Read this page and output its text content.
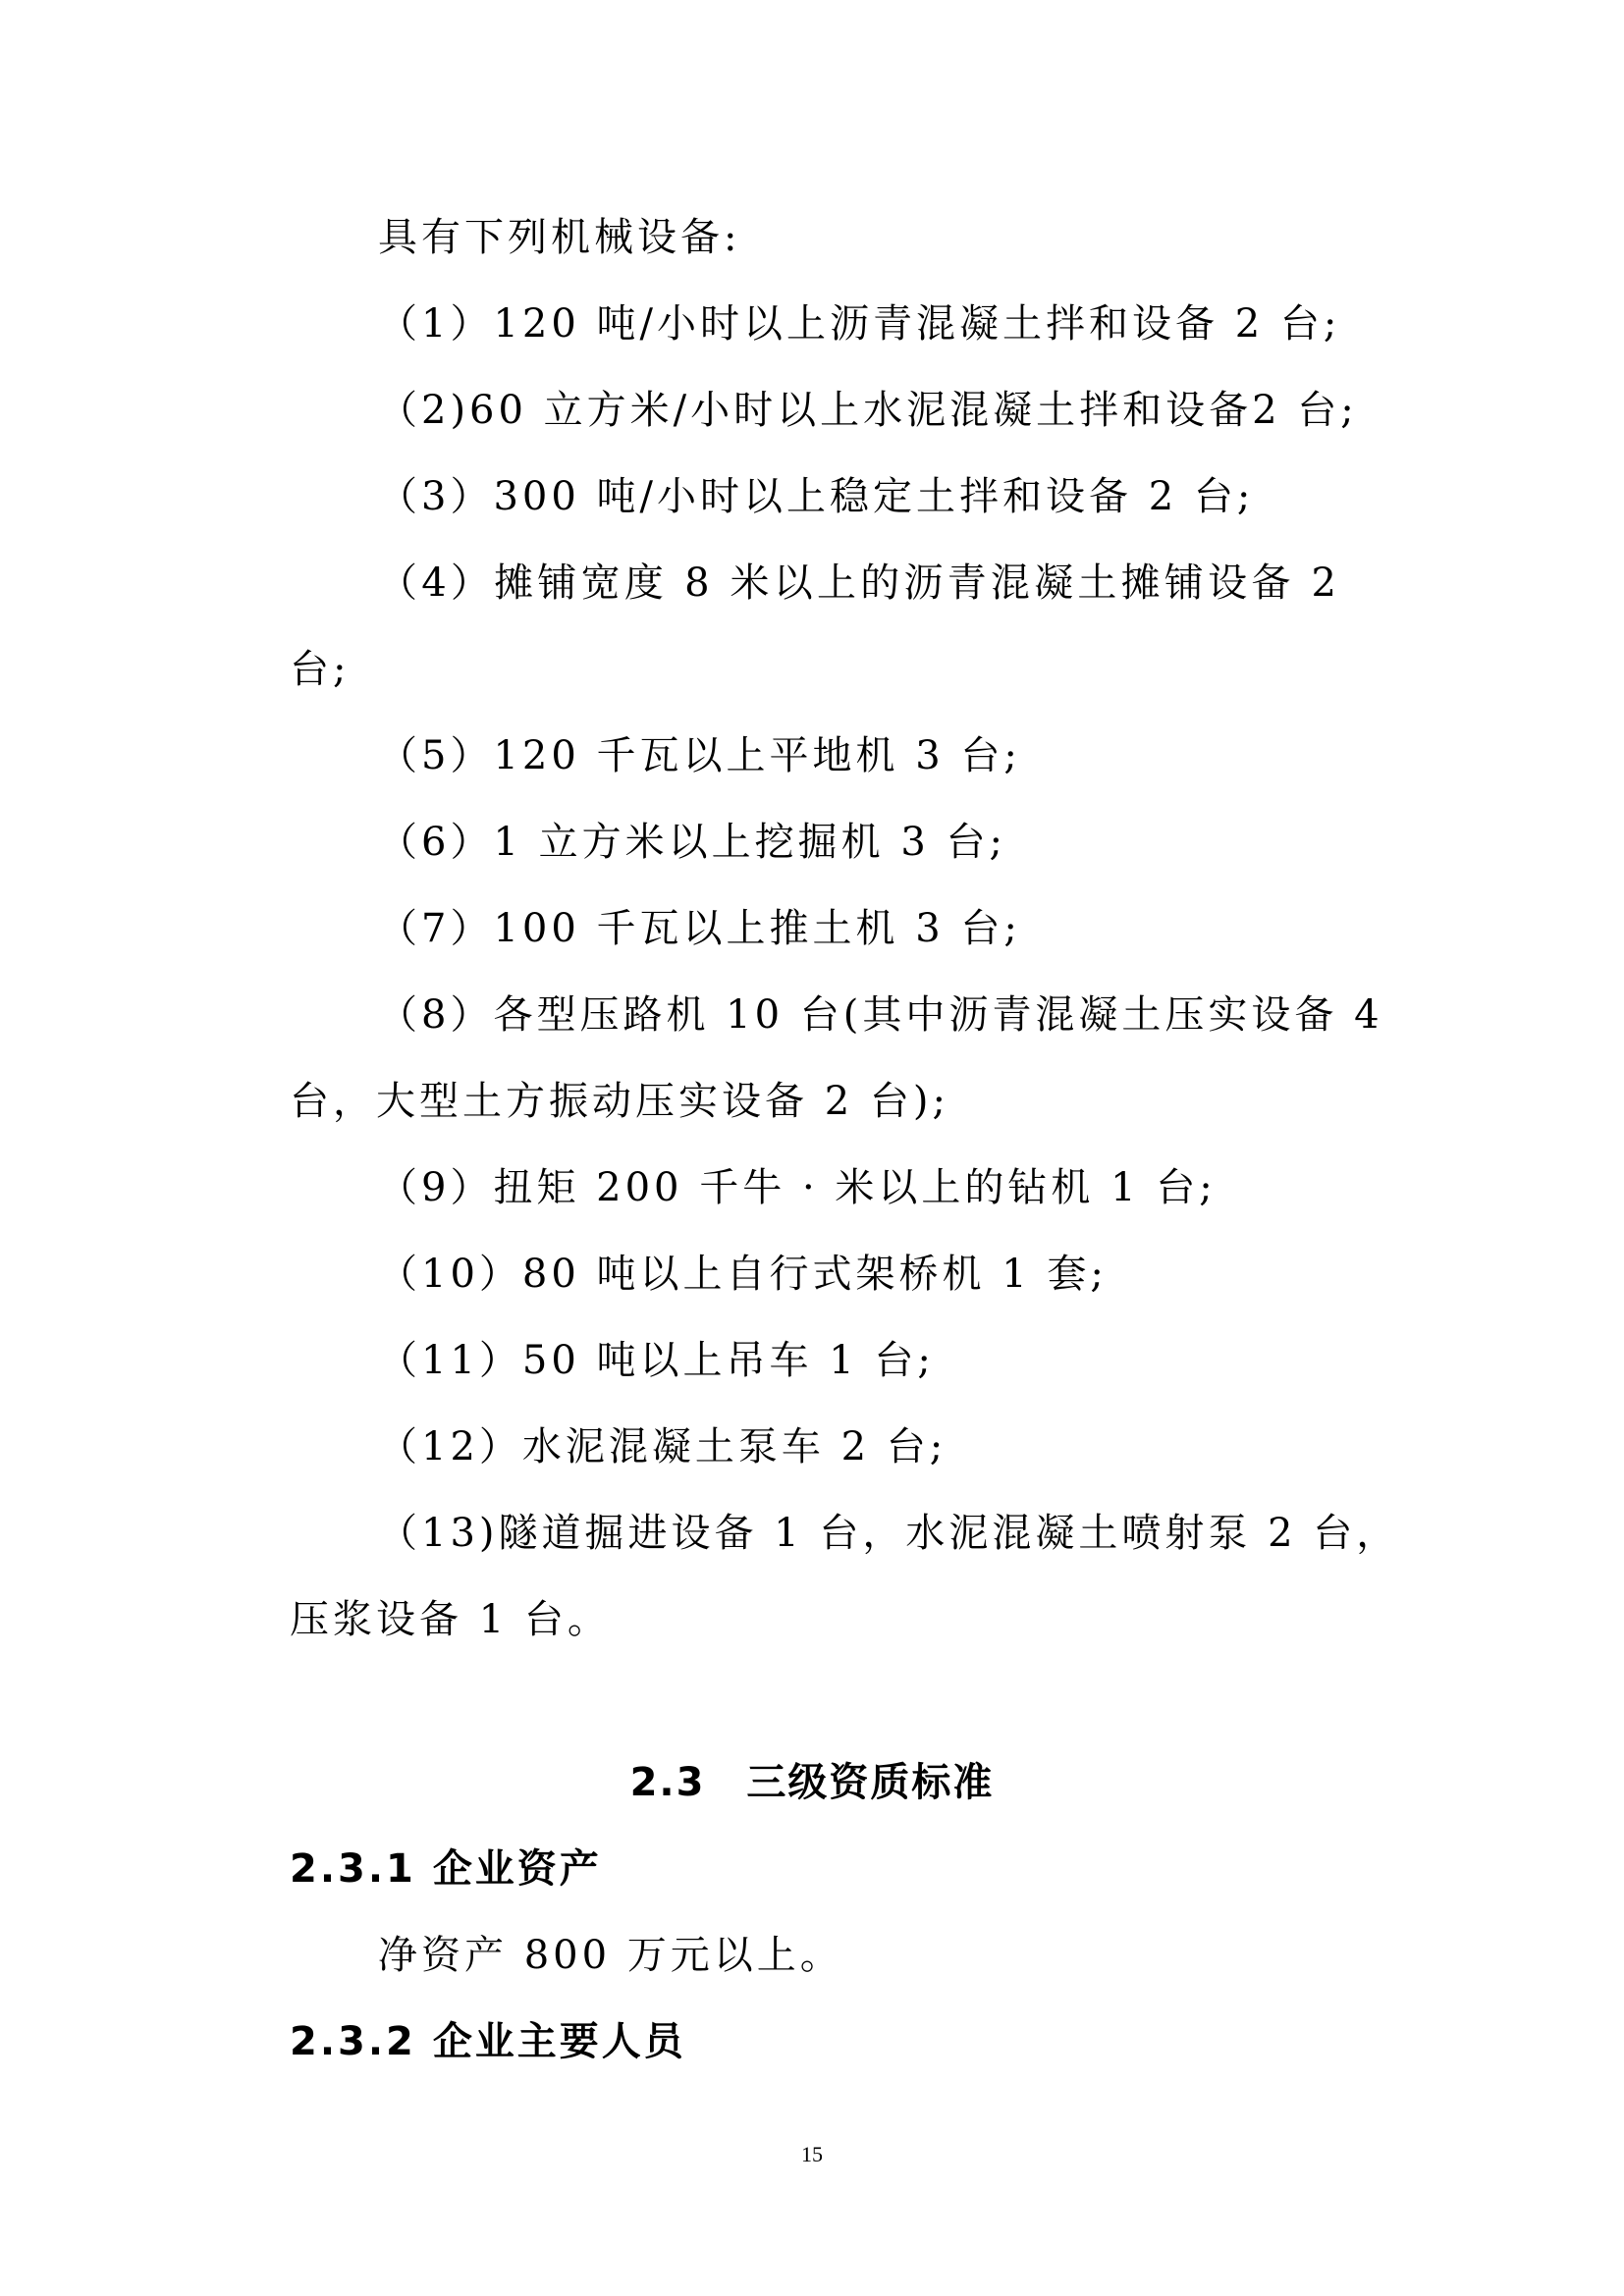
具有下列机械设备:
（1）120 吨/小时以上沥青混凝土拌和设备 2 台;
（2)60 立方米/小时以上水泥混凝土拌和设备2 台;
（3）300 吨/小时以上稳定土拌和设备 2 台;
（4）摊铺宽度 8 米以上的沥青混凝土摊铺设备 2
台;
（5）120 千瓦以上平地机 3 台;
（6）1 立方米以上挖掘机 3 台;
（7）100 千瓦以上推土机 3 台;
（8）各型压路机 10 台(其中沥青混凝土压实设备 4
台，大型土方振动压实设备 2 台);
（9）扭矩 200 千牛 · 米以上的钻机 1 台;
（10）80 吨以上自行式架桥机 1 套;
（11）50 吨以上吊车 1 台;
（12）水泥混凝土泵车 2 台;
（13)隧道掘进设备 1 台，水泥混凝土喷射泵 2 台，
压浆设备 1 台。
2.3　三级资质标准
2.3.1 企业资产
净资产 800 万元以上。
2.3.2 企业主要人员
15
